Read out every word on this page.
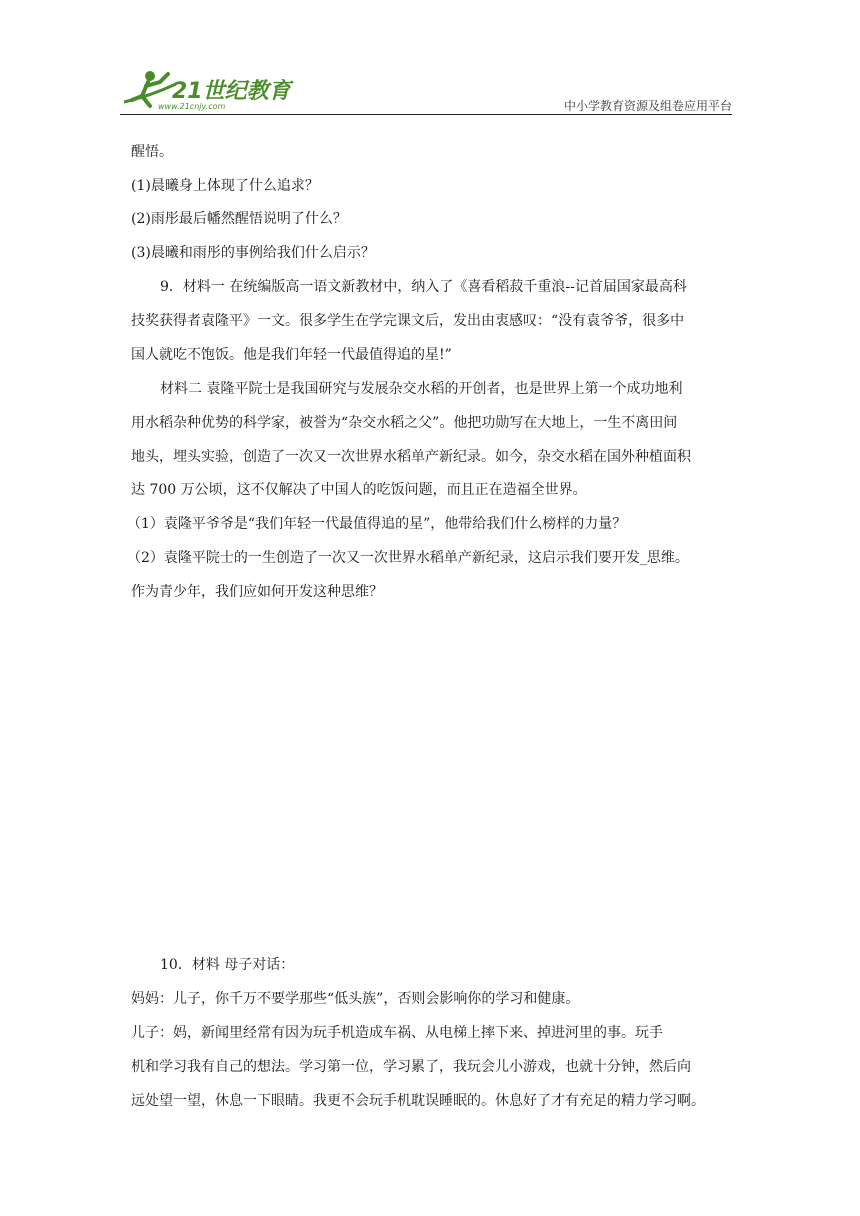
21世纪教育
www.21cnjy.com	中小学教育资源及组卷应用平台
醒悟。
(1)晨曦身上体现了什么追求？
(2)雨彤最后幡然醒悟说明了什么？
(3)晨曦和雨彤的事例给我们什么启示？
9．材料一 在统编版高一语文新教材中，纳入了《喜看稻菽千重浪--记首届国家最高科
技奖获得者袁隆平》一文。很多学生在学完课文后，发出由衷感叹：“没有袁爷爷，很多中
国人就吃不饱饭。他是我们年轻一代最值得追的星!”
材料二 袁隆平院士是我国研究与发展杂交水稻的开创者，也是世界上第一个成功地利
用水稻杂种优势的科学家，被誉为“杂交水稻之父”。他把功勋写在大地上，一生不离田间
地头，埋头实验，创造了一次又一次世界水稻单产新纪录。如今，杂交水稻在国外种植面积
达 700 万公顷，这不仅解决了中国人的吃饭问题，而且正在造福全世界。
（1）袁隆平爷爷是“我们年轻一代最值得追的星”，他带给我们什么榜样的力量？
（2）袁隆平院士的一生创造了一次又一次世界水稻单产新纪录，这启示我们要开发_思维。
作为青少年，我们应如何开发这种思维？
10．材料 母子对话：
妈妈：儿子，你千万不要学那些“低头族”，否则会影响你的学习和健康。
儿子：妈，新闻里经常有因为玩手机造成车祸、从电梯上摔下来、掉进河里的事。玩手
机和学习我有自己的想法。学习第一位，学习累了，我玩会儿小游戏，也就十分钟，然后向
远处望一望，休息一下眼睛。我更不会玩手机耽误睡眠的。休息好了才有充足的精力学习啊。
